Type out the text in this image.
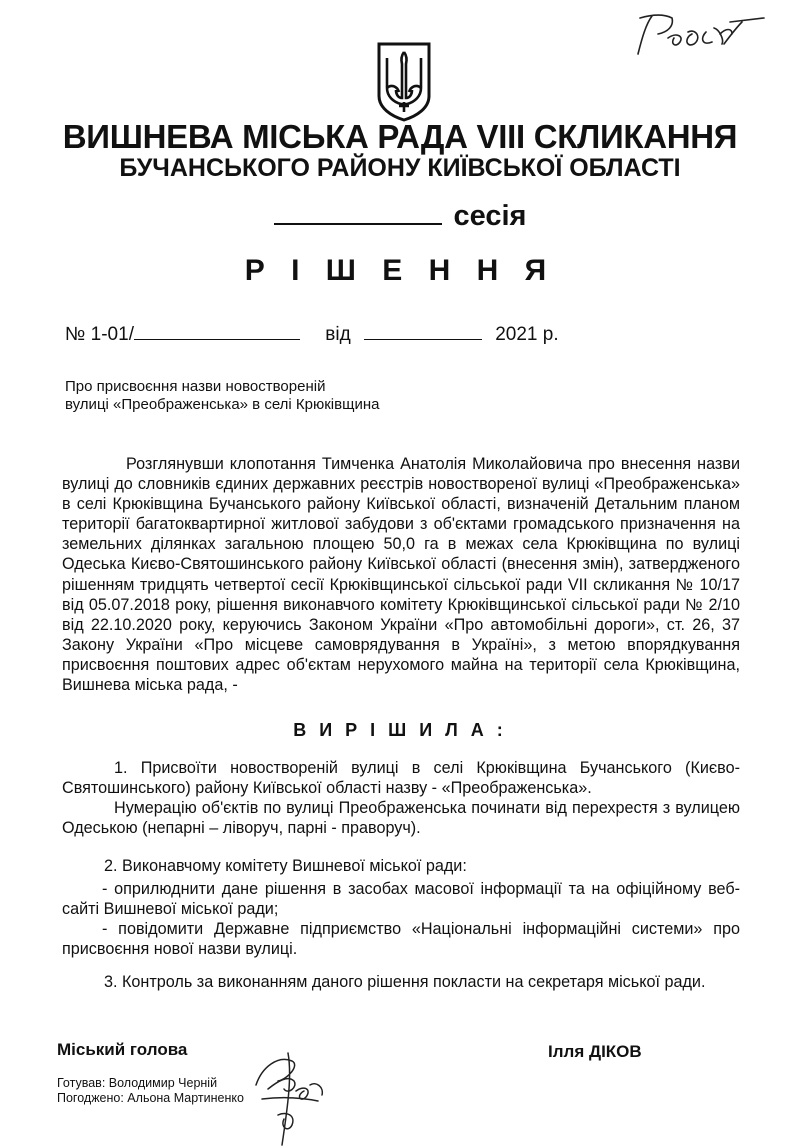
ВИШНЕВА МІСЬКА РАДА VIII СКЛИКАННЯ
БУЧАНСЬКОГО РАЙОНУ КИЇВСЬКОЇ ОБЛАСТІ
сесія
Р І Ш Е Н Н Я
№ 1-01/	від	2021 р.
Про присвоєння назви новоствореній
вулиці «Преображенська» в селі Крюківщина
Розглянувши клопотання Тимченка Анатолія Миколайовича про внесення назви вулиці до словників єдиних державних реєстрів новоствореної вулиці «Преображенська» в селі Крюківщина Бучанського району Київської області, визначеній Детальним планом території багатоквартирної житлової забудови з об'єктами громадського призначення на земельних ділянках загальною площею 50,0 га в межах села Крюківщина по вулиці Одеська Києво-Святошинського району Київської області (внесення змін), затвердженого рішенням тридцять четвертої сесії Крюківщинської сільської ради VII скликання № 10/17 від 05.07.2018 року, рішення виконавчого комітету Крюківщинської сільської ради № 2/10 від 22.10.2020 року, керуючись Законом України «Про автомобільні дороги», ст. 26, 37 Закону України «Про місцеве самоврядування в Україні», з метою впорядкування присвоєння поштових адрес об'єктам нерухомого майна на території села Крюківщина, Вишнева міська рада, -
В И Р І Ш И Л А :
1. Присвоїти новоствореній вулиці в селі Крюківщина Бучанського (Києво-Святошинського) району Київської області назву - «Преображенська».
Нумерацію об'єктів по вулиці Преображенська починати від перехрестя з вулицею Одеською (непарні – ліворуч, парні - праворуч).
2. Виконавчому комітету Вишневої міської ради:
- оприлюднити дане рішення в засобах масової інформації та на офіційному веб-сайті Вишневої міської ради;
- повідомити Державне підприємство «Національні інформаційні системи» про присвоєння нової назви вулиці.
3. Контроль за виконанням даного рішення покласти на секретаря міської ради.
Міський голова	Ілля ДІКОВ
Готував: Володимир Черній
Погоджено: Альона Мартиненко
